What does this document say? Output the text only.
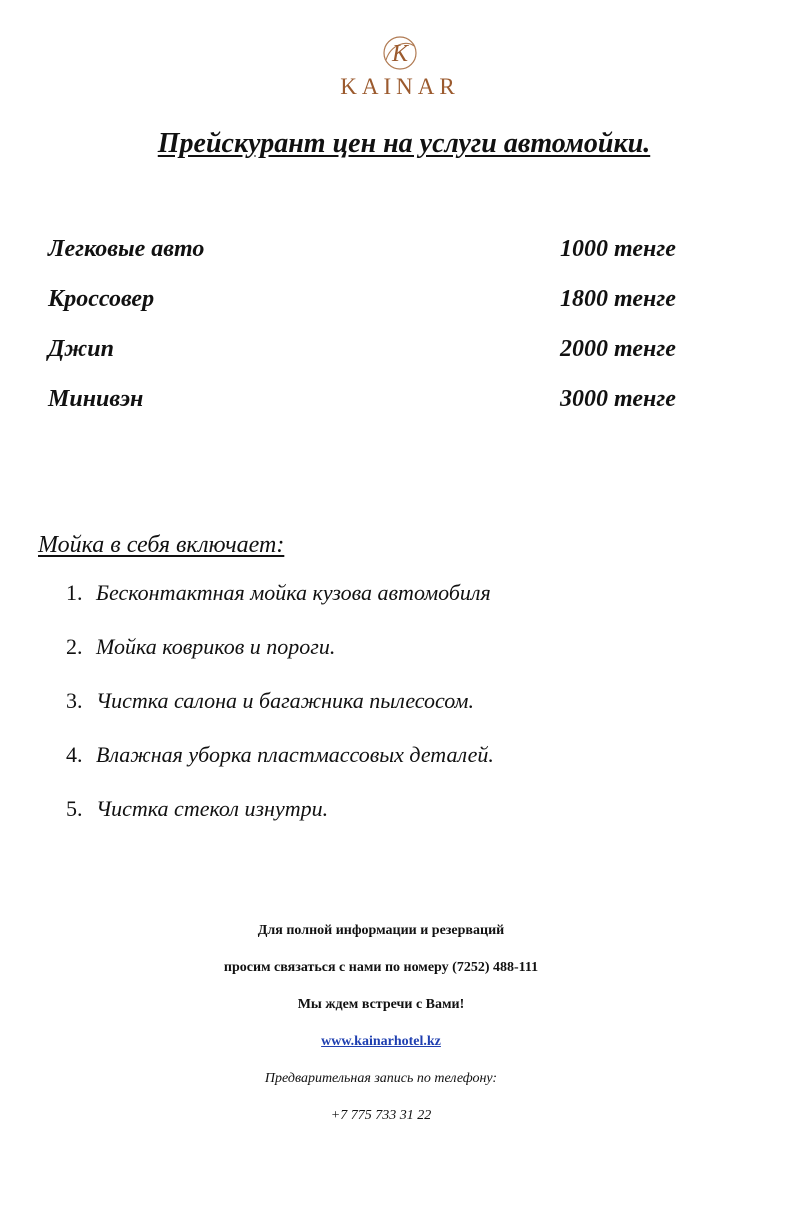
K
KAINAR
Прейскурант цен на услуги автомойки.
Легковые авто	1000 тенге
Кроссовер	1800 тенге
Джип	2000 тенге
Минивэн	3000 тенге
Мойка в себя включает:
1. Бесконтактная мойка кузова автомобиля
2. Мойка ковриков и пороги.
3. Чистка салона и багажника пылесосом.
4. Влажная уборка пластмассовых деталей.
5. Чистка стекол изнутри.
Для полной информации и резерваций
просим связаться с нами по номеру (7252) 488-111
Мы ждем встречи с Вами!
www.kainarhotel.kz
Предварительная запись по телефону:
+7 775 733 31 22
